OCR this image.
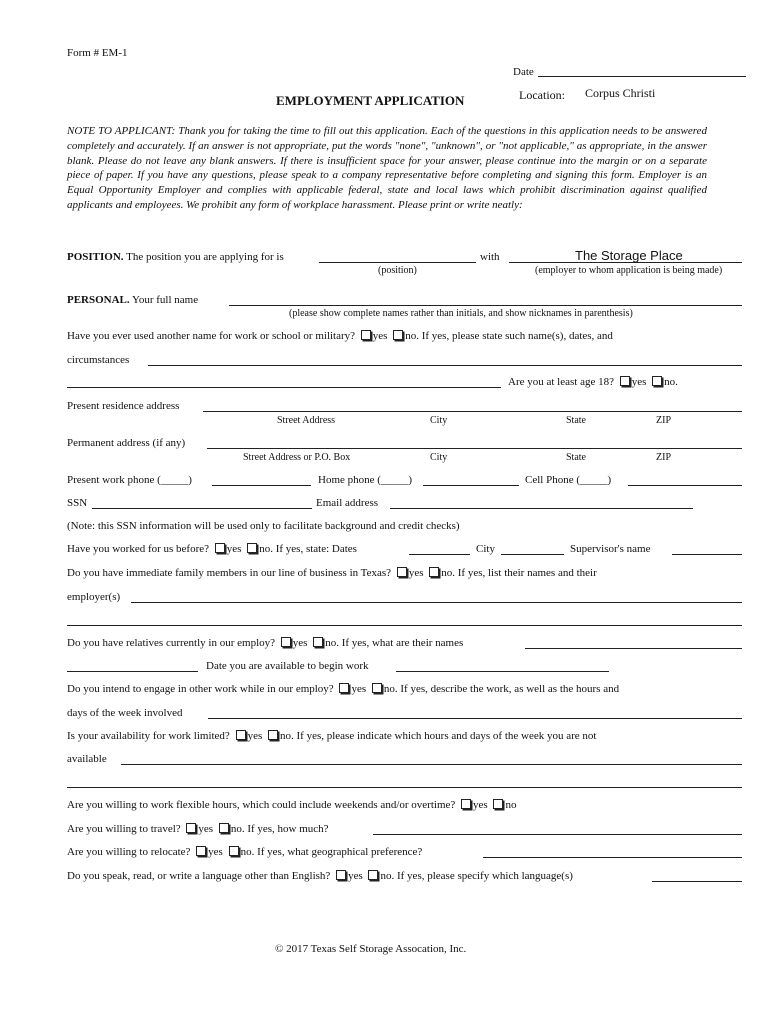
Form # EM-1
Date
EMPLOYMENT APPLICATION	Location: Corpus Christi
NOTE TO APPLICANT: Thank you for taking the time to fill out this application. Each of the questions in this application needs to be answered completely and accurately. If an answer is not appropriate, put the words "none", "unknown", or "not applicable," as appropriate, in the answer blank. Please do not leave any blank answers. If there is insufficient space for your answer, please continue into the margin or on a separate piece of paper. If you have any questions, please speak to a company representative before completing and signing this form. Employer is an Equal Opportunity Employer and complies with applicable federal, state and local laws which prohibit discrimination against qualified applicants and employees. We prohibit any form of workplace harassment. Please print or write neatly:
POSITION. The position you are applying for is	with	The Storage Place
(position)	(employer to whom application is being made)
PERSONAL. Your full name
(please show complete names rather than initials, and show nicknames in parenthesis)
Have you ever used another name for work or school or military? yes no. If yes, please state such name(s), dates, and
circumstances
Are you at least age 18? yes no.
Present residence address
Street Address	City	State	ZIP
Permanent address (if any)
Street Address or P.O. Box	City	State	ZIP
Present work phone (_____)	Home phone (_____)	Cell Phone (_____)
SSN	Email address
(Note: this SSN information will be used only to facilitate background and credit checks)
Have you worked for us before? yes no. If yes, state: Dates	City	Supervisor's name
Do you have immediate family members in our line of business in Texas? yes no. If yes, list their names and their
employer(s)
Do you have relatives currently in our employ? yes no. If yes, what are their names
Date you are available to begin work
Do you intend to engage in other work while in our employ? yes no. If yes, describe the work, as well as the hours and
days of the week involved
Is your availability for work limited? yes no. If yes, please indicate which hours and days of the week you are not
available
Are you willing to work flexible hours, which could include weekends and/or overtime? yes no
Are you willing to travel? yes no. If yes, how much?
Are you willing to relocate? yes no. If yes, what geographical preference?
Do you speak, read, or write a language other than English? yes no. If yes, please specify which language(s)
© 2017 Texas Self Storage Assocation, Inc.
